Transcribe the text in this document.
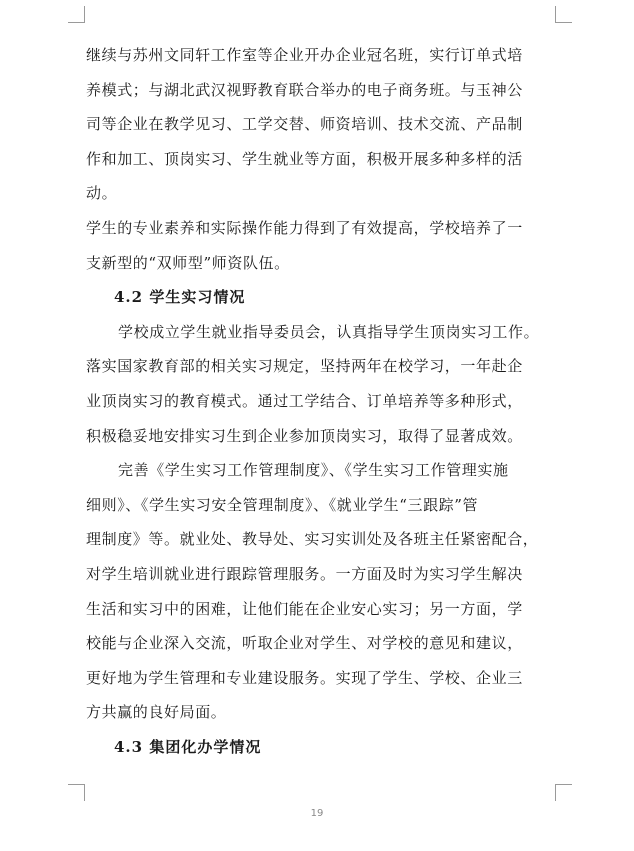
继续与苏州文同轩工作室等企业开办企业冠名班，实行订单式培
养模式；与湖北武汉视野教育联合举办的电子商务班。与玉神公
司等企业在教学见习、工学交替、师资培训、技术交流、产品制
作和加工、顶岗实习、学生就业等方面，积极开展多种多样的活
动。
学生的专业素养和实际操作能力得到了有效提高，学校培养了一
支新型的“双师型”师资队伍。
4.2 学生实习情况
学校成立学生就业指导委员会，认真指导学生顶岗实习工作。
落实国家教育部的相关实习规定，坚持两年在校学习，一年赴企
业顶岗实习的教育模式。通过工学结合、订单培养等多种形式，
积极稳妥地安排实习生到企业参加顶岗实习，取得了显著成效。
完善《学生实习工作管理制度》、《学生实习工作管理实施
细则》、《学生实习安全管理制度》、《就业学生“三跟踪”管
理制度》等。就业处、教导处、实习实训处及各班主任紧密配合，
对学生培训就业进行跟踪管理服务。一方面及时为实习学生解决
生活和实习中的困难，让他们能在企业安心实习；另一方面，学
校能与企业深入交流，听取企业对学生、对学校的意见和建议，
更好地为学生管理和专业建设服务。实现了学生、学校、企业三
方共赢的良好局面。
4.3 集团化办学情况
19
